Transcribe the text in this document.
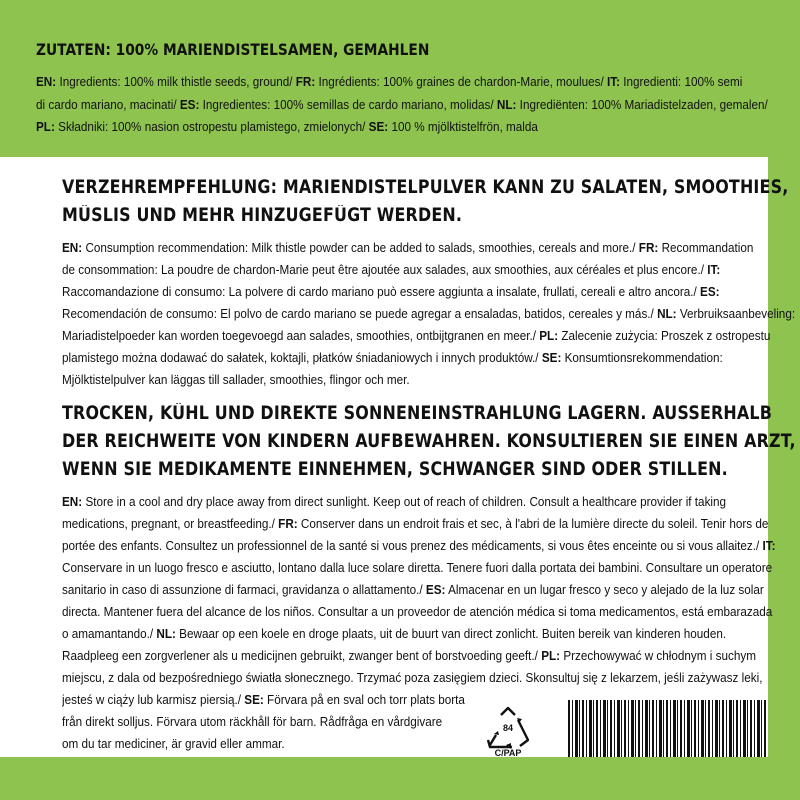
ZUTATEN: 100% MARIENDISTELSAMEN, GEMAHLEN
EN: Ingredients: 100% milk thistle seeds, ground/ FR: Ingrédients: 100% graines de chardon-Marie, moulues/ IT: Ingredienti: 100% semi
di cardo mariano, macinati/ ES: Ingredientes: 100% semillas de cardo mariano, molidas/ NL: Ingrediënten: 100% Mariadistelzaden, gemalen/
PL: Składniki: 100% nasion ostropestu plamistego, zmielonych/ SE: 100 % mjölktistelfrön, malda
VERZEHREMPFEHLUNG: MARIENDISTELPULVER KANN ZU SALATEN, SMOOTHIES,
MÜSLIS UND MEHR HINZUGEFÜGT WERDEN.
EN: Consumption recommendation: Milk thistle powder can be added to salads, smoothies, cereals and more./ FR: Recommandation
de consommation: La poudre de chardon-Marie peut être ajoutée aux salades, aux smoothies, aux céréales et plus encore./ IT:
Raccomandazione di consumo: La polvere di cardo mariano può essere aggiunta a insalate, frullati, cereali e altro ancora./ ES:
Recomendación de consumo: El polvo de cardo mariano se puede agregar a ensaladas, batidos, cereales y más./ NL: Verbruiksaanbeveling:
Mariadistelpoeder kan worden toegevoegd aan salades, smoothies, ontbijtgranen en meer./ PL: Zalecenie zużycia: Proszek z ostropestu
plamistego można dodawać do sałatek, koktajli, płatków śniadaniowych i innych produktów./ SE: Konsumtionsrekommendation:
Mjölktistelpulver kan läggas till sallader, smoothies, flingor och mer.
TROCKEN, KÜHL UND DIREKTE SONNENEINSTRAHLUNG LAGERN. AUSSERHALB
DER REICHWEITE VON KINDERN AUFBEWAHREN. KONSULTIEREN SIE EINEN ARZT,
WENN SIE MEDIKAMENTE EINNEHMEN, SCHWANGER SIND ODER STILLEN.
EN: Store in a cool and dry place away from direct sunlight. Keep out of reach of children. Consult a healthcare provider if taking
medications, pregnant, or breastfeeding./ FR: Conserver dans un endroit frais et sec, à l'abri de la lumière directe du soleil. Tenir hors de
portée des enfants. Consultez un professionnel de la santé si vous prenez des médicaments, si vous êtes enceinte ou si vous allaitez./ IT:
Conservare in un luogo fresco e asciutto, lontano dalla luce solare diretta. Tenere fuori dalla portata dei bambini. Consultare un operatore
sanitario in caso di assunzione di farmaci, gravidanza o allattamento./ ES: Almacenar en un lugar fresco y seco y alejado de la luz solar
directa. Mantener fuera del alcance de los niños. Consultar a un proveedor de atención médica si toma medicamentos, está embarazada
o amamantando./ NL: Bewaar op een koele en droge plaats, uit de buurt van direct zonlicht. Buiten bereik van kinderen houden.
Raadpleeg een zorgverlener als u medicijnen gebruikt, zwanger bent of borstvoeding geeft./ PL: Przechowywać w chłodnym i suchym
miejscu, z dala od bezpośredniego światła słonecznego. Trzymać poza zasięgiem dzieci. Skonsultuj się z lekarzem, jeśli zażywasz leki,
jesteś w ciąży lub karmisz piersią./ SE: Förvara på en sval och torr plats borta
från direkt solljus. Förvara utom räckhåll för barn. Rådfråga en vårdgivare
om du tar mediciner, är gravid eller ammar.
84
C/PAP
